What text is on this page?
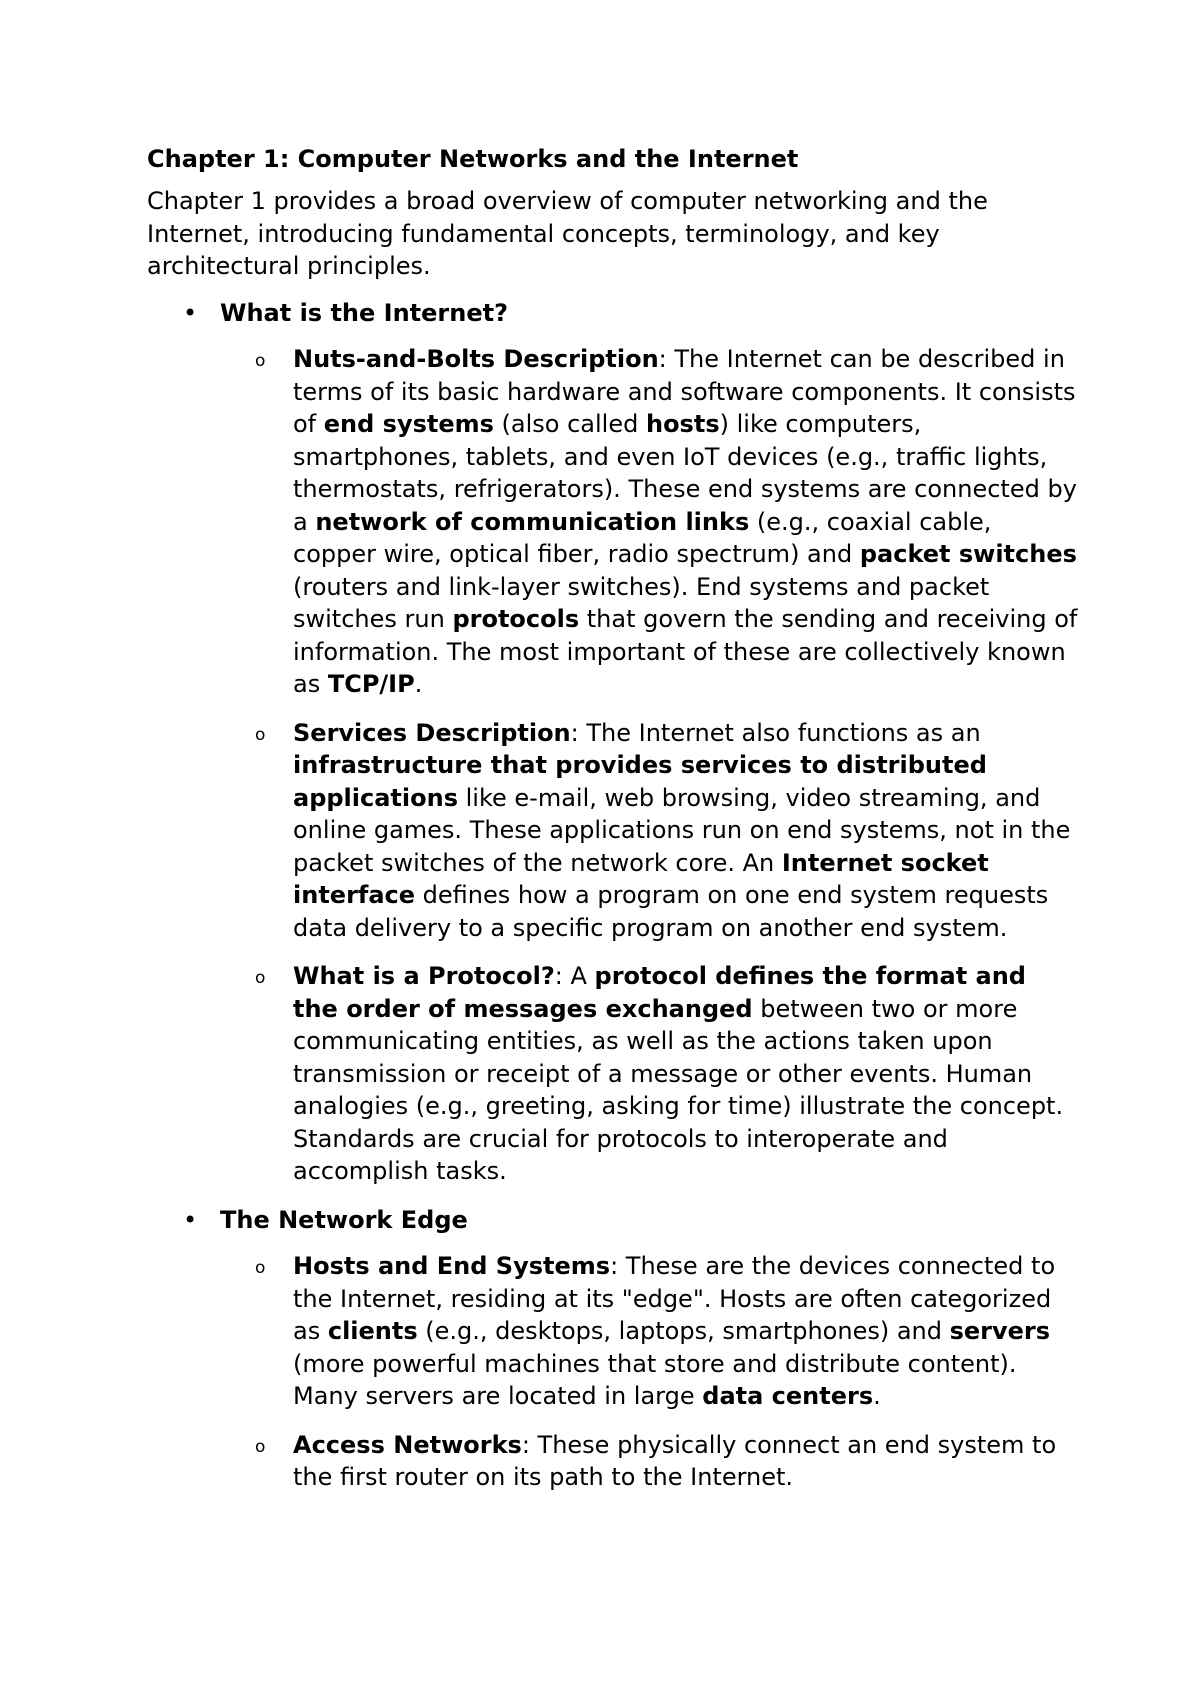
Chapter 1: Computer Networks and the Internet
Chapter 1 provides a broad overview of computer networking and the Internet, introducing fundamental concepts, terminology, and key architectural principles.
• What is the Internet?
o Nuts-and-Bolts Description: The Internet can be described in terms of its basic hardware and software components. It consists of end systems (also called hosts) like computers, smartphones, tablets, and even IoT devices (e.g., traffic lights, thermostats, refrigerators). These end systems are connected by a network of communication links (e.g., coaxial cable, copper wire, optical fiber, radio spectrum) and packet switches (routers and link-layer switches). End systems and packet switches run protocols that govern the sending and receiving of information. The most important of these are collectively known as TCP/IP.
o Services Description: The Internet also functions as an infrastructure that provides services to distributed applications like e-mail, web browsing, video streaming, and online games. These applications run on end systems, not in the packet switches of the network core. An Internet socket interface defines how a program on one end system requests data delivery to a specific program on another end system.
o What is a Protocol?: A protocol defines the format and the order of messages exchanged between two or more communicating entities, as well as the actions taken upon transmission or receipt of a message or other events. Human analogies (e.g., greeting, asking for time) illustrate the concept. Standards are crucial for protocols to interoperate and accomplish tasks.
• The Network Edge
o Hosts and End Systems: These are the devices connected to the Internet, residing at its "edge". Hosts are often categorized as clients (e.g., desktops, laptops, smartphones) and servers (more powerful machines that store and distribute content). Many servers are located in large data centers.
o Access Networks: These physically connect an end system to the first router on its path to the Internet.
